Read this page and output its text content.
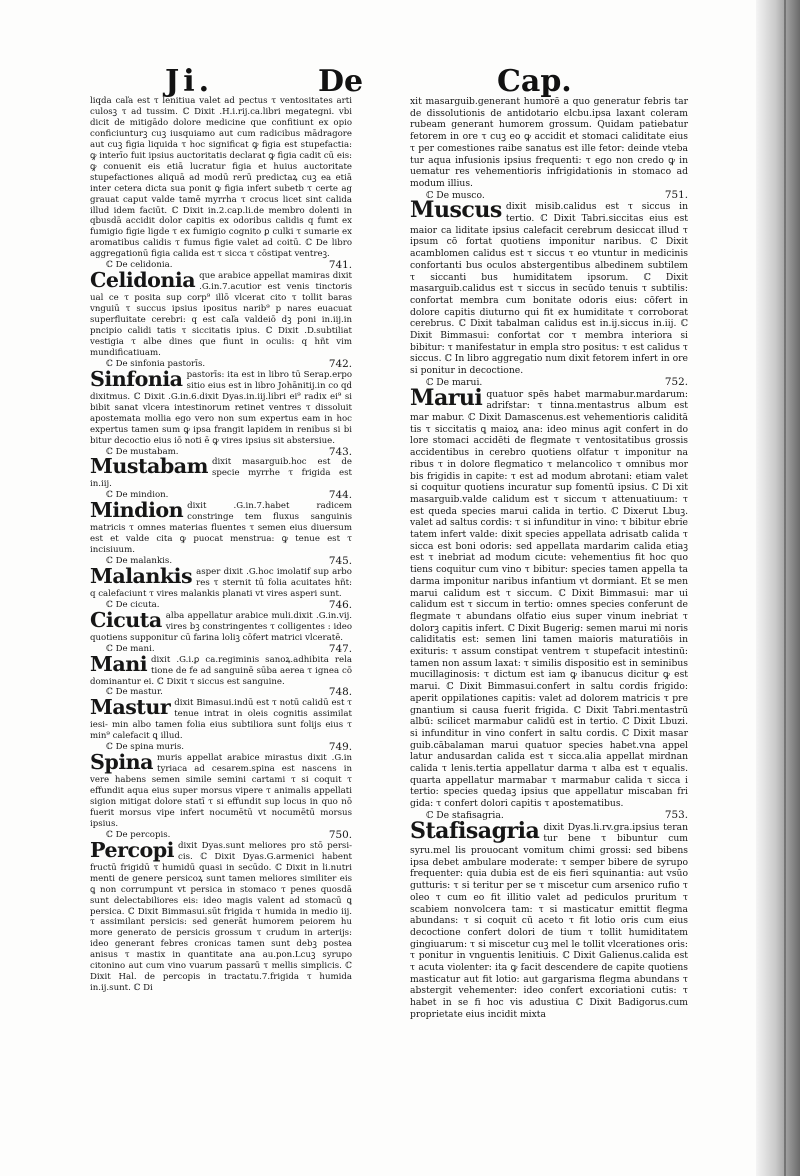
Ji.	De	Cap.

liqda caľa est τ lenitiua valet ad pectus τ ventositates arti culosꝫ τ ad tussim. ℂ Dixit .H.i.rij.ca.libri megategni. vbi dicit de mitigādo dolore medicine que confitiunt ex opio conficiunturꝫ cuꝫ iusquiamo aut cum radicibus mādragore aut cuꝫ figia liquida τ hoc significat ꝙ figia est stupefactia: ꝙ interīo fuit ipsius auctoritatis declarat ꝙ figia cadit cū eis: ꝙ conuenit eis etiā lucratur figia et huius auctoritate stupefactiones aliquā ad modū rerū predictaꝝ cuꝫ ea etiā inter cetera dicta sua ponit ꝙ figia infert subetb τ certe ag grauat caput valde tamē myrrha τ crocus licet sint calida illud idem faciūt. ℂ Dixit in.2.cap.li.de membro dolenti in qbusdā accidit dolor capitis ex odoribus calidis q fumt ex fumigio figie ligde τ ex fumigio cognito ꝑ culki τ sumarie ex aromatibus calidis τ fumus figie valet ad coitū. ℂ De libro aggregationū figia calida est τ sicca τ cōstipat ventreꝫ.

741.
ℂ De celidonia.

Celidonia que arabice appellat mamiras dixit .G.in.7.acutior est venis tinctoris ual ce τ posita sup corp⁹ illō vlcerat cito τ tollit baras vnguiū τ succus ipsius ipositus narib⁹ p nares euacuat superfluitate cerebri: q est caľa valdeiō dꝫ poni in.iij.in pncipio calidi tatis τ siccitatis ipius. ℂ Dixit .D.subtiliat vestigia τ albe dines que fiunt in oculis: q hñt vim mundificatiuam.

742.
ℂ De sinfonia pastorīs.

Sinfonia pastorīs: ita est in libro tū Serap.erpo sitio eius est in libro Johānitij.in co qd dixitmus. ℂ Dixit .G.in.6.dixit Dyas.in.iij.libri ei⁹ radix ei⁹ si bibit sanat vlcera intestinorum retinet ventres τ dissoluit apostemata mollia ego vero non sum expertus eam in hoc expertus tamen sum ꝙ ipsa frangit lapidem in renibus si bi bitur decoctio eius iō noti ē ꝙ vires ipsius sit abstersiue.

743.
ℂ De mustabam.

Mustabam dixit masarguib.hoc est de specie myrrhe τ frigida est in.iij.

744.
ℂ De mindion.

Mindion dixit .G.in.7.habet radicem constringe tem fluxus sanguinis matricis τ omnes materias fluentes τ semen eius diuersum est et valde cita ꝙ puocat menstrua: ꝙ tenue est τ incisiuum.

745.
ℂ De malankis.

Malankis asper dixit .G.hoc imolatif sup arbo res τ sternit tū folia acuitates hñt: q calefaciunt τ vires malankis planati vt vires asperi sunt.

746.
ℂ De cicuta.

Cicuta alba appellatur arabice muli.dixit .G.in.vij. vires bꝫ constringentes τ colligentes : ideo quotiens supponitur cū farina loliꝫ cōfert matrici vlceratē.

747.
ℂ De mani.

Mani dixit .G.i.ꝑ ca.regiminis sanoꝝ.adhibita rela tione de fe ad sanguinē sūba aerea τ ignea cō dominantur ei. ℂ Dixit τ siccus est sanguine.

748.
ℂ De mastur.

Mastur dixit Bimasui.indū est τ notū calidū est τ tenue intrat in oleis cognitis assimilat iesi- min albo tamen folia eius subtiliora sunt folijs eius τ min⁹ calefacit ꝗ illud.

749.
ℂ De spina muris.

Spina muris appellat arabice mirastus dixit .G.in tyriaca ad cesarem.spina est nascens in vere habens semen simile semini cartami τ si coquit τ effundit aqua eius super morsus vipere τ animalis appellati sigion mitigat dolore statī τ si effundit sup locus in quo nō fuerit morsus vipe infert nocumētū vt nocumētū morsus ipsius.

750.
ℂ De percopis.

Percopi dixit Dyas.sunt meliores pro stō persi- cis. ℂ Dixit Dyas.G.armenici habent fructū frigidū τ humidū quasi in secūdo. ℂ Dixit in li.nutri menti de genere persicoꝝ sunt tamen meliores similiter eis ꝗ non corrumpunt vt persica in stomaco τ penes quosdā sunt delectabiliores eis: ideo magis valent ad stomacū ꝗ persica. ℂ Dixit Bimmasui.sūt frigida τ humida in medio iij. τ assimilant persicis: sed generāt humorem peiorem hu more generato de persicis grossum τ crudum in arterijs: ideo generant febres cronicas tamen sunt debꝫ postea anisus τ mastix in quantitate ana au.pon.Lcuꝫ syrupo citonino aut cum vino vuarum passarū τ mellis simplicis. ℂ Dixit Hal. de percopis in tractatu.7.frigida τ humida in.ij.sunt. ℂ Di

xit masarguib.generant humorē a quo generatur febris tar de dissolutionis de antidotario elcbu.ipsa laxant coleram rubeam generant humorem grossum. Quidam patiebatur fetorem in ore τ cuꝫ eo ꝙ accidit et stomaci caliditate eius τ per comestiones raibe sanatus est ille fetor: deinde vteba tur aqua infusionis ipsius frequenti: τ ego non credo ꝙ in uematur res vehementioris infrigidationis in stomaco ad modum illius.

751.
ℂ De musco.

Muscus dixit misib.calidus est τ siccus in tertio. ℂ Dixit Tabri.siccitas eius est maior ca liditate ipsius calefacit cerebrum desiccat illud τ ipsum cō fortat quotiens imponitur naribus. ℂ Dixit acamblomen calidus est τ siccus τ eo vtuntur in medicinis confortanti bus oculos abstergentibus albedinem subtilem τ siccanti bus humiditatem ipsorum. ℂ Dixit masarguib.calidus est τ siccus in secūdo tenuis τ subtilis: confortat membra cum bonitate odoris eius: cōfert in dolore capitis diuturno qui fit ex humiditate τ corroborat cerebrus. ℂ Dixit tabalman calidus est in.ij.siccus in.iij. ℂ Dixit Bimmasui: confortat cor τ membra interiora si bibitur: τ manifestatur in empla stro positus: τ est calidus τ siccus. ℂ In libro aggregatio num dixit fetorem infert in ore si ponitur in decoctione.

752.
ℂ De marui.

Marui quatuor spēs habet marmabur.mardarum: adrifstar: τ tinna.mentastrus album est mar mabur. ℂ Dixit Damascenus.est vehementioris caliditā tis τ siccitatis ꝗ maioꝝ ana: ideo minus agit confert in do lore stomaci accidēti de flegmate τ ventositatibus grossis accidentibus in cerebro quotiens olfatur τ imponitur na ribus τ in dolore flegmatico τ melancolico τ omnibus mor bis frigidis in capite: τ est ad modum abrotani: etiam valet si coquitur quotiens incuratur sup fomentū ipsius. ℂ Di xit masarguib.valde calidum est τ siccum τ attenuatiuum: τ est queda species marui calida in tertio. ℂ Dixerut Lbuꝫ. valet ad saltus cordis: τ si infunditur in vino: τ bibitur ebrie tatem infert valde: dixit species appellata adrisatb calida τ sicca est boni odoris: sed appellata mardarim calida etiaꝫ est τ inebriat ad modum cicute: vehementius fit hoc quo tiens coquitur cum vino τ bibitur: species tamen appella ta darma imponitur naribus infantium vt dormiant. Et se men marui calidum est τ siccum. ℂ Dixit Bimmasui: mar ui calidum est τ siccum in tertio: omnes species conferunt de flegmate τ abundans olfatio eius super vinum inebriat τ dolorꝫ capitis infert. ℂ Dixit Bugerig: semen marui mi noris caliditatis est: semen lini tamen maioris maturatiōis in exituris: τ assum constipat ventrem τ stupefacit intestinū: tamen non assum laxat: τ similis dispositio est in seminibus mucillaginosis: τ dictum est iam ꝙ ibanucus dicitur ꝙ est marui. ℂ Dixit Bimmasui.confert in saltu cordis frigido: aperit oppilationes capitis: valet ad dolorem matricis τ pre gnantium si causa fuerit frigida. ℂ Dixit Tabri.mentastrū albū: scilicet marmabur calidū est in tertio. ℂ Dixit Lbuzi. si infunditur in vino confert in saltu cordis. ℂ Dixit masar guib.cābalaman marui quatuor species habet.vna appel latur andusardan calida est τ sicca.alia appellat mirdnan calida τ lenis.tertia appellatur darma τ alba est τ equalis. quarta appellatur marmabar τ marmabur calida τ sicca i tertio: species quedaꝫ ipsius que appellatur miscaban fri gida: τ confert dolori capitis τ apostematibus.

753.
ℂ De stafisagria.

Stafisagria dixit Dyas.li.rv.gra.ipsius teran tur bene τ bibuntur cum syru.mel lis prouocant vomitum chimi grossi: sed bibens ipsa debet ambulare moderate: τ semper bibere de syrupo frequenter: quia dubia est de eis fieri squinantia: aut vsūo gutturis: τ si teritur per se τ miscetur cum arsenico rufio τ oleo τ cum eo fit illitio valet ad pediculos pruritum τ scabiem nonvolcera tam: τ si masticatur emittit flegma abundans: τ si coquit cū aceto τ fit lotio oris cum eius decoctione confert dolori de tium τ tollit humiditatem gingiuarum: τ si miscetur cuꝫ mel le tollit vlcerationes oris: τ ponitur in vnguentis lenitiuis. ℂ Dixit Galienus.calida est τ acuta violenter: ita ꝙ facit descendere de capite quotiens masticatur aut fit lotio: aut gargarisma flegma abundans τ abstergit vehementer: ideo confert excoriationi cutis: τ habet in se fi hoc vis adustiua ℂ Dixit Badigorus.cum proprietate eius incidit mixta
